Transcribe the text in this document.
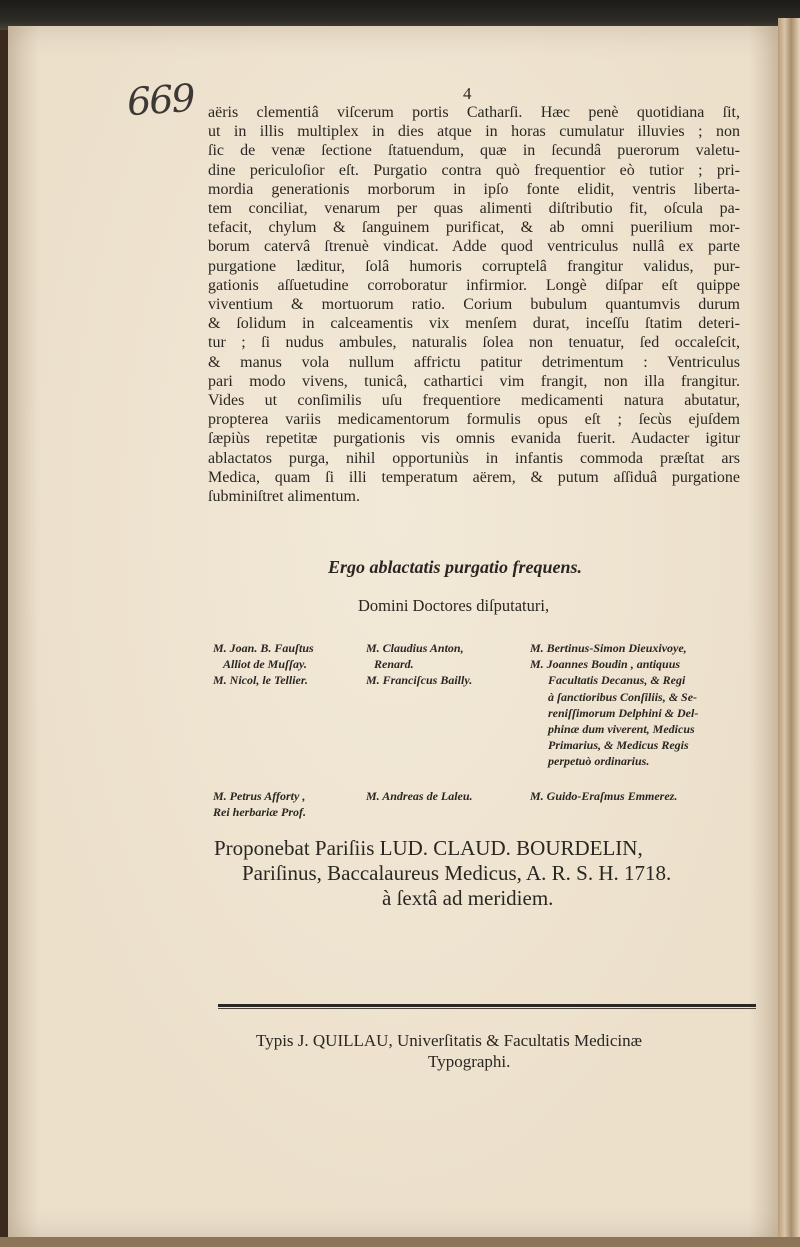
669	4
aëris clementiâ viſcerum portis Catharſi. Hæc penè quotidiana ſit,
ut in illis multiplex in dies atque in horas cumulatur illuvies ; non
ſic de venæ ſectione ſtatuendum, quæ in ſecundâ puerorum valetu-
dine periculoſior eſt. Purgatio contra quò frequentior eò tutior ; pri-
mordia generationis morborum in ipſo fonte elidit, ventris liberta-
tem conciliat, venarum per quas alimenti diſtributio fit, oſcula pa-
tefacit, chylum & ſanguinem purificat, & ab omni puerilium mor-
borum catervâ ſtrenuè vindicat. Adde quod ventriculus nullâ ex parte
purgatione læditur, ſolâ humoris corruptelâ frangitur validus, pur-
gationis aſſuetudine corroboratur infirmior. Longè diſpar eſt quippe
viventium & mortuorum ratio. Corium bubulum quantumvis durum
& ſolidum in calceamentis vix menſem durat, inceſſu ſtatim deteri-
tur ; ſi nudus ambules, naturalis ſolea non tenuatur, ſed occaleſcit,
& manus vola nullum affrictu patitur detrimentum : Ventriculus
pari modo vivens, tunicâ, cathartici vim frangit, non illa frangitur.
Vides ut conſimilis uſu frequentiore medicamenti natura abutatur,
propterea variis medicamentorum formulis opus eſt ; ſecùs ejuſdem
ſæpiùs repetitæ purgationis vis omnis evanida fuerit. Audacter igitur
ablactatos purga, nihil opportuniùs in infantis commoda præſtat ars
Medica, quam ſi illi temperatum aërem, & putum aſſiduâ purgatione
ſubminiſtret alimentum.
Ergo ablactatis purgatio frequens.
Domini Doctores diſputaturi,
M. Joan. B. Fauſtus
Alliot de Muſſay.
M. Nicol, le Tellier.
M. Claudius Anton,
Renard.
M. Franciſcus Bailly.
M. Bertinus-Simon Dieuxivoye,
M. Joannes Boudin , antiquus
Facultatis Decanus, & Regi
à ſanctioribus Conſiliis, & Se-
reniſſimorum Delphini & Del-
phinæ dum viverent, Medicus
Primarius, & Medicus Regis
perpetuò ordinarius.
M. Petrus Afforty ,
Rei herbariæ Prof.
M. Andreas de Laleu.	M. Guido-Eraſmus Emmerez.
Proponebat Pariſiis LUD. CLAUD. BOURDELIN,
Pariſinus, Baccalaureus Medicus, A. R. S. H. 1718.
à ſextâ ad meridiem.
Typis J. QUILLAU, Univerſitatis & Facultatis Medicinæ
Typographi.
